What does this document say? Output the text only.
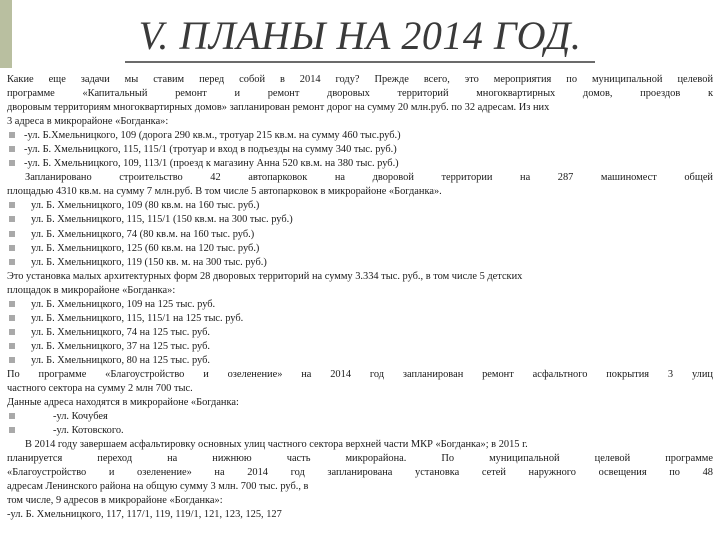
V. ПЛАНЫ НА 2014 ГОД.
Какие еще задачи мы ставим перед собой в 2014 году? Прежде всего, это мероприятия по муниципальной целевой
программе «Капитальный ремонт и ремонт дворовых территорий многоквартирных домов, проездов к
дворовым территориям многоквартирных домов» запланирован ремонт дорог на сумму 20 млн.руб. по 32 адресам. Из них
3 адреса в микрорайоне «Богданка»:
-ул. Б.Хмельницкого, 109 (дорога 290 кв.м., тротуар 215 кв.м. на сумму 460 тыс.руб.)
-ул. Б. Хмельницкого, 115, 115/1 (тротуар и вход в подъезды на сумму 340 тыс. руб.)
-ул. Б. Хмельницкого, 109, 113/1 (проезд к магазину Анна 520 кв.м. на 380 тыс. руб.)
Запланировано строительство 42 автопарковок на дворовой территории на 287 машиномест общей
площадью 4310 кв.м. на сумму 7 млн.руб. В том числе 5 автопарковок в микрорайоне «Богданка».
ул. Б. Хмельницкого, 109 (80 кв.м. на 160 тыс. руб.)
ул. Б. Хмельницкого, 115, 115/1 (150 кв.м. на 300 тыс. руб.)
ул. Б. Хмельницкого, 74 (80 кв.м. на 160 тыс. руб.)
ул. Б. Хмельницкого, 125 (60 кв.м. на 120 тыс. руб.)
ул. Б. Хмельницкого, 119 (150 кв. м. на 300 тыс. руб.)
Это установка малых архитектурных форм 28 дворовых территорий на сумму 3.334 тыс. руб., в том числе 5 детских
площадок в микрорайоне «Богданка»:
ул. Б. Хмельницкого, 109 на 125 тыс. руб.
ул. Б. Хмельницкого, 115, 115/1 на 125 тыс. руб.
ул. Б. Хмельницкого, 74 на 125 тыс. руб.
ул. Б. Хмельницкого, 37 на 125 тыс. руб.
ул. Б. Хмельницкого, 80 на 125 тыс. руб.
По программе «Благоустройство и озеленение» на 2014 год запланирован ремонт асфальтного покрытия 3 улиц
частного сектора на сумму 2 млн 700 тыс.
Данные адреса находятся в микрорайоне «Богданка:
-ул. Кочубея
-ул. Котовского.
В 2014 году завершаем асфальтировку основных улиц частного сектора верхней части МКР «Богданка»; в 2015 г.
планируется переход на нижнюю часть микрорайона. По муниципальной целевой программе
«Благоустройство и озеленение» на 2014 год запланирована установка сетей наружного освещения по 48
адресам Ленинского района на общую сумму 3 млн. 700 тыс. руб., в
том числе, 9 адресов в микрорайоне «Богданка»:
-ул. Б. Хмельницкого, 117, 117/1, 119, 119/1, 121, 123, 125, 127
